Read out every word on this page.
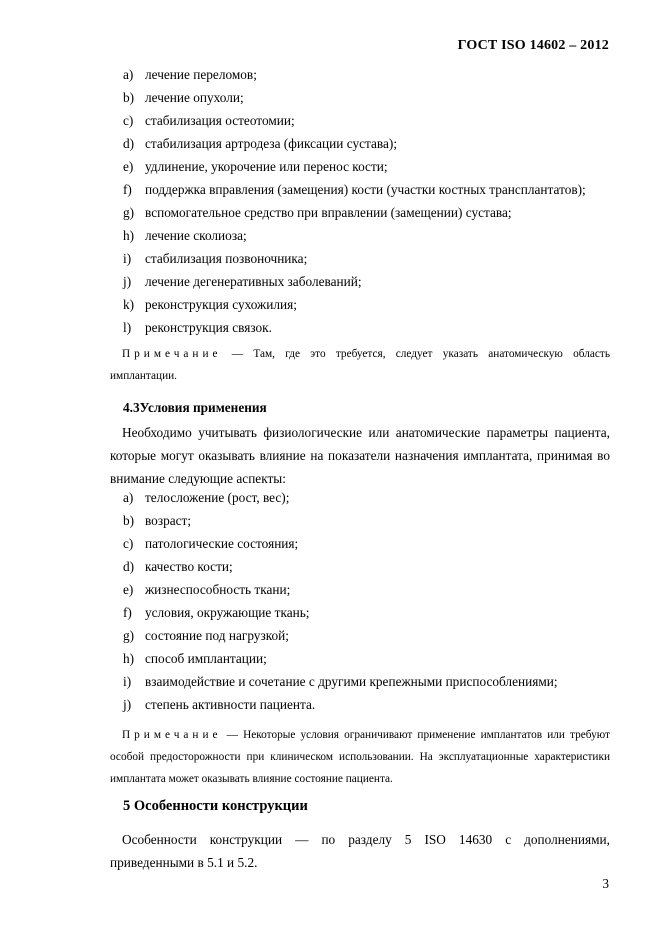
ГОСТ ISO 14602 – 2012
a) лечение переломов;
b) лечение опухоли;
c) стабилизация остеотомии;
d) стабилизация артродеза (фиксации сустава);
e) удлинение, укорочение или перенос кости;
f) поддержка вправления (замещения) кости (участки костных трансплантатов);
g) вспомогательное средство при вправлении (замещении) сустава;
h) лечение сколиоза;
i) стабилизация позвоночника;
j) лечение дегенеративных заболеваний;
k) реконструкция сухожилия;
l) реконструкция связок.
Примечание — Там, где это требуется, следует указать анатомическую область имплантации.
4.3Условия применения
Необходимо учитывать физиологические или анатомические параметры пациента, которые могут оказывать влияние на показатели назначения имплантата, принимая во внимание следующие аспекты:
a) телосложение (рост, вес);
b) возраст;
c) патологические состояния;
d) качество кости;
e) жизнеспособность ткани;
f) условия, окружающие ткань;
g) состояние под нагрузкой;
h) способ имплантации;
i) взаимодействие и сочетание с другими крепежными приспособлениями;
j) степень активности пациента.
Примечание — Некоторые условия ограничивают применение имплантатов или требуют особой предосторожности при клиническом использовании. На эксплуатационные характеристики имплантата может оказывать влияние состояние пациента.
5 Особенности конструкции
Особенности конструкции — по разделу 5 ISO 14630 с дополнениями, приведенными в 5.1 и 5.2.
3
